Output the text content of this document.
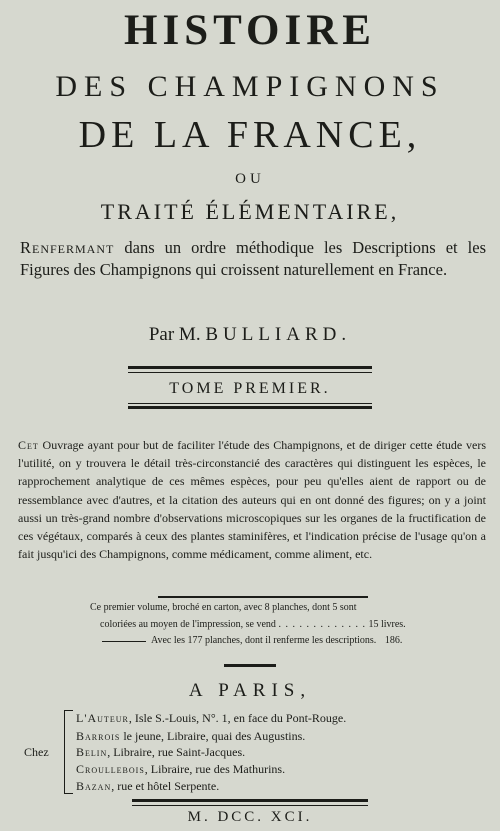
HISTOIRE
DES CHAMPIGNONS
DE LA FRANCE,
OU
TRAITÉ ÉLÉMENTAIRE,
Renfermant dans un ordre méthodique les Descriptions et les Figures des Champignons qui croissent naturellement en France.
Par M. BULLIARD.
TOME PREMIER.
Cet Ouvrage ayant pour but de faciliter l'étude des Champignons, et de diriger cette étude vers l'utilité, on y trouvera le détail très-circonstancié des caractères qui distinguent les espèces, le rapprochement analytique de ces mêmes espèces, pour peu qu'elles aient de rapport ou de ressemblance avec d'autres, et la citation des auteurs qui en ont donné des figures; on y a joint aussi un très-grand nombre d'observations microscopiques sur les organes de la fructification de ces végétaux, comparés à ceux des plantes staminifères, et l'indication précise de l'usage qu'on a fait jusqu'ici des Champignons, comme médicament, comme aliment, etc.
Ce premier volume, broché en carton, avec 8 planches, dont 5 sont
coloriées au moyen de l'impression, se vend . . . . . . . . . . . . . 15 livres.
Avec les 177 planches, dont il renferme les descriptions. 186.
A PARIS,
Chez
L'Auteur, Isle S.-Louis, N°. 1, en face du Pont-Rouge.
Barrois le jeune, Libraire, quai des Augustins.
Belin, Libraire, rue Saint-Jacques.
Croullebois, Libraire, rue des Mathurins.
Bazan, rue et hôtel Serpente.
M. DCC. XCI.
